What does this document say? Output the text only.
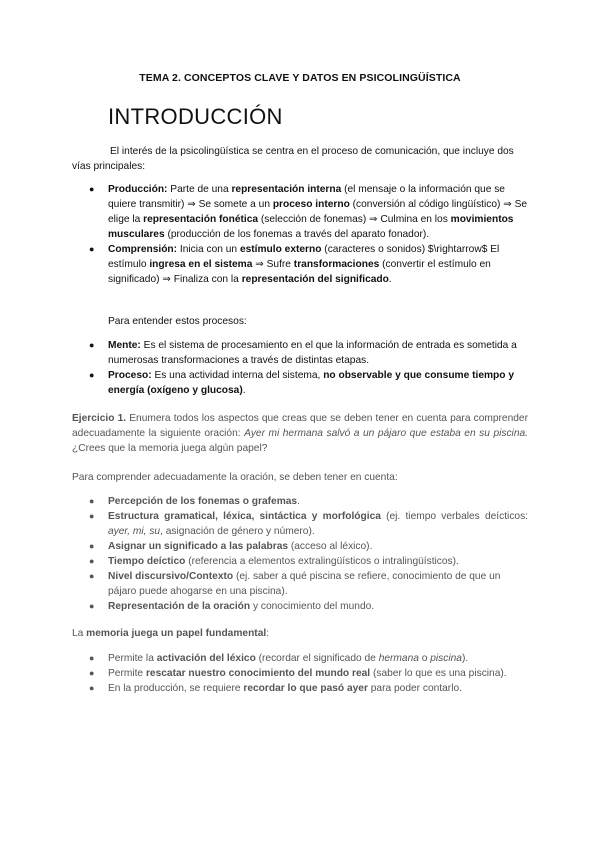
TEMA 2. CONCEPTOS CLAVE Y DATOS EN PSICOLINGÜÍSTICA

INTRODUCCIÓN

El interés de la psicolingüística se centra en el proceso de comunicación, que incluye dos vías principales:

● Producción: Parte de una representación interna (el mensaje o la información que se quiere transmitir) ⇒ Se somete a un proceso interno (conversión al código lingüístico) ⇒ Se elige la representación fonética (selección de fonemas) ⇒ Culmina en los movimientos musculares (producción de los fonemas a través del aparato fonador).
● Comprensión: Inicia con un estímulo externo (caracteres o sonidos) $\rightarrow$ El estímulo ingresa en el sistema ⇒ Sufre transformaciones (convertir el estímulo en significado) ⇒ Finaliza con la representación del significado.

Para entender estos procesos:

● Mente: Es el sistema de procesamiento en el que la información de entrada es sometida a numerosas transformaciones a través de distintas etapas.
● Proceso: Es una actividad interna del sistema, no observable y que consume tiempo y energía (oxígeno y glucosa).

Ejercicio 1. Enumera todos los aspectos que creas que se deben tener en cuenta para comprender adecuadamente la siguiente oración: Ayer mi hermana salvó a un pájaro que estaba en su piscina. ¿Crees que la memoria juega algún papel?

Para comprender adecuadamente la oración, se deben tener en cuenta:

● Percepción de los fonemas o grafemas.
● Estructura gramatical, léxica, sintáctica y morfológica (ej. tiempo verbales deícticos: ayer, mi, su, asignación de género y número).
● Asignar un significado a las palabras (acceso al léxico).
● Tiempo deíctico (referencia a elementos extralingüísticos o intralingüísticos).
● Nivel discursivo/Contexto (ej. saber a qué piscina se refiere, conocimiento de que un pájaro puede ahogarse en una piscina).
● Representación de la oración y conocimiento del mundo.

La memoria juega un papel fundamental:

● Permite la activación del léxico (recordar el significado de hermana o piscina).
● Permite rescatar nuestro conocimiento del mundo real (saber lo que es una piscina).
● En la producción, se requiere recordar lo que pasó ayer para poder contarlo.
